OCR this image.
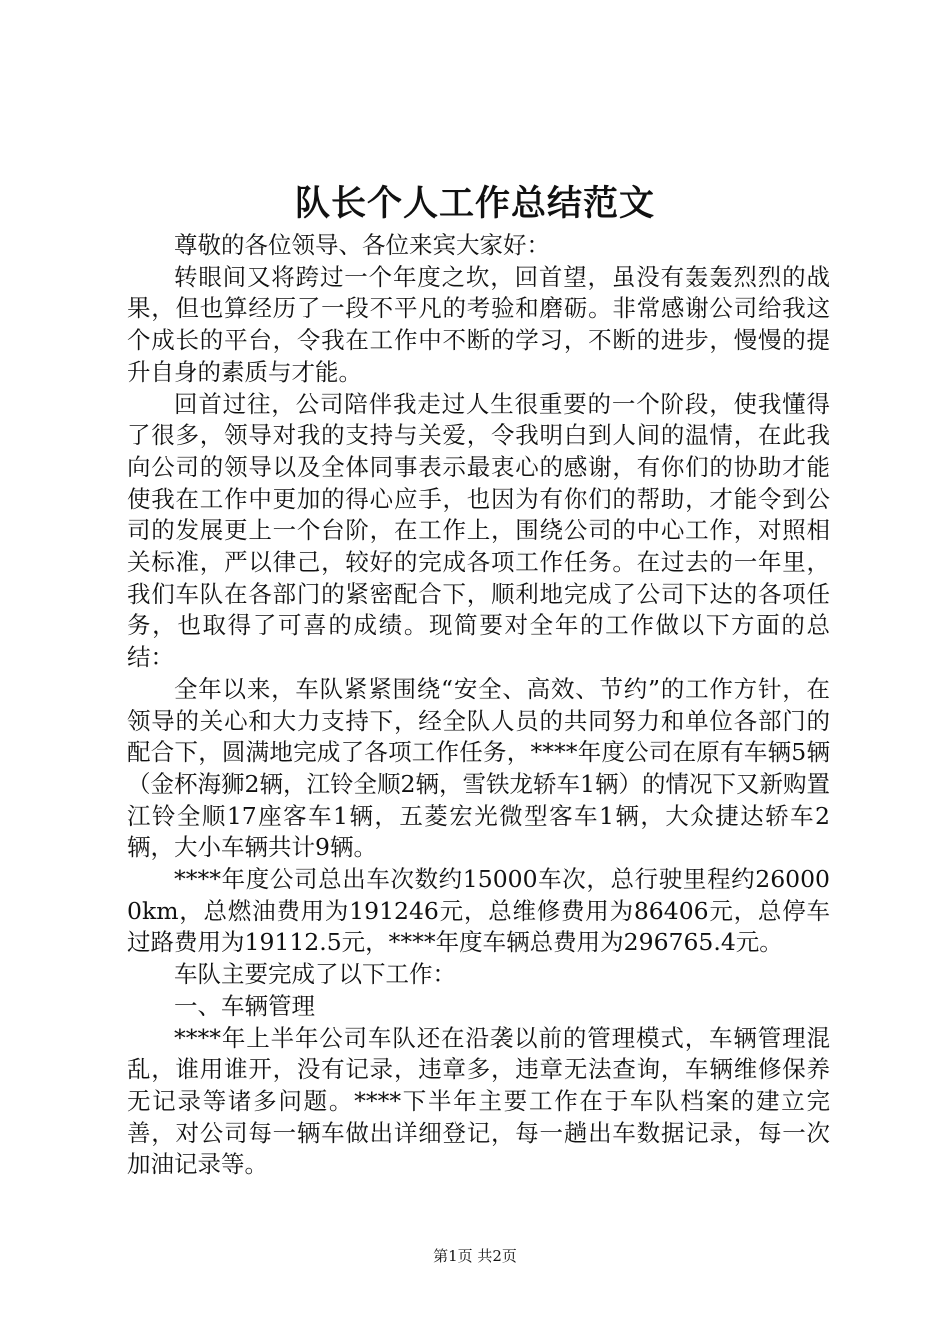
队长个人工作总结范文

尊敬的各位领导、各位来宾大家好：

转眼间又将跨过一个年度之坎，回首望，虽没有轰轰烈烈的战果，但也算经历了一段不平凡的考验和磨砺。非常感谢公司给我这个成长的平台，令我在工作中不断的学习，不断的进步，慢慢的提升自身的素质与才能。

回首过往，公司陪伴我走过人生很重要的一个阶段，使我懂得了很多，领导对我的支持与关爱，令我明白到人间的温情，在此我向公司的领导以及全体同事表示最衷心的感谢，有你们的协助才能使我在工作中更加的得心应手，也因为有你们的帮助，才能令到公司的发展更上一个台阶，在工作上，围绕公司的中心工作，对照相关标准，严以律己，较好的完成各项工作任务。在过去的一年里，我们车队在各部门的紧密配合下，顺利地完成了公司下达的各项任务，也取得了可喜的成绩。现简要对全年的工作做以下方面的总结：

全年以来，车队紧紧围绕“安全、高效、节约”的工作方针，在领导的关心和大力支持下，经全队人员的共同努力和单位各部门的配合下，圆满地完成了各项工作任务，****年度公司在原有车辆5辆（金杯海狮2辆，江铃全顺2辆，雪铁龙轿车1辆）的情况下又新购置江铃全顺17座客车1辆，五菱宏光微型客车1辆，大众捷达轿车2辆，大小车辆共计9辆。

****年度公司总出车次数约15000车次，总行驶里程约260000km，总燃油费用为191246元，总维修费用为86406元，总停车过路费用为19112.5元，****年度车辆总费用为296765.4元。

车队主要完成了以下工作：

一、车辆管理

****年上半年公司车队还在沿袭以前的管理模式，车辆管理混乱，谁用谁开，没有记录，违章多，违章无法查询，车辆维修保养无记录等诸多问题。****下半年主要工作在于车队档案的建立完善，对公司每一辆车做出详细登记，每一趟出车数据记录，每一次加油记录等。

第1页 共2页
